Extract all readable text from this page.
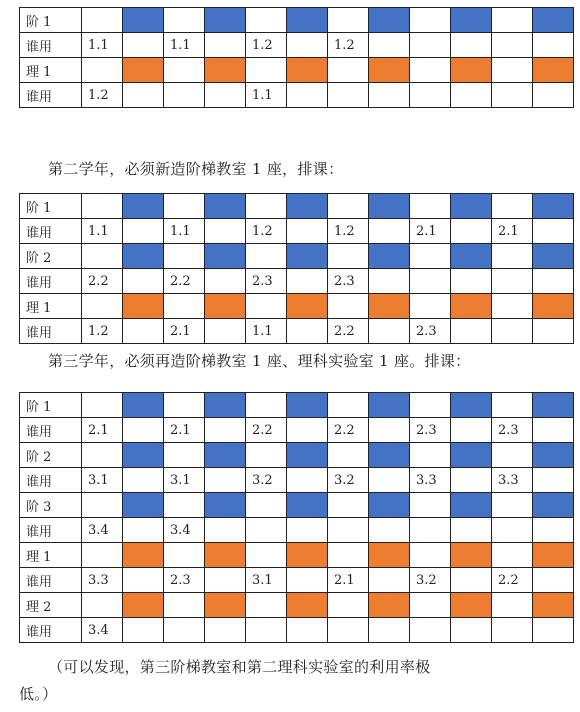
阶 1												
谁用	1.1		1.1		1.2		1.2					
理 1												
谁用	1.2				1.1							

第二学年，必须新造阶梯教室 1 座，排课：

阶 1												
谁用	1.1		1.1		1.2		1.2		2.1		2.1	
阶 2												
谁用	2.2		2.2		2.3		2.3					
理 1												
谁用	1.2		2.1		1.1		2.2		2.3			

第三学年，必须再造阶梯教室 1 座、理科实验室 1 座。排课：

阶 1												
谁用	2.1		2.1		2.2		2.2		2.3		2.3	
阶 2												
谁用	3.1		3.1		3.2		3.2		3.3		3.3	
阶 3												
谁用	3.4		3.4									
理 1												
谁用	3.3		2.3		3.1		2.1		3.2		2.2	
理 2												
谁用	3.4											

（可以发现，第三阶梯教室和第二理科实验室的利用率极

低。）
